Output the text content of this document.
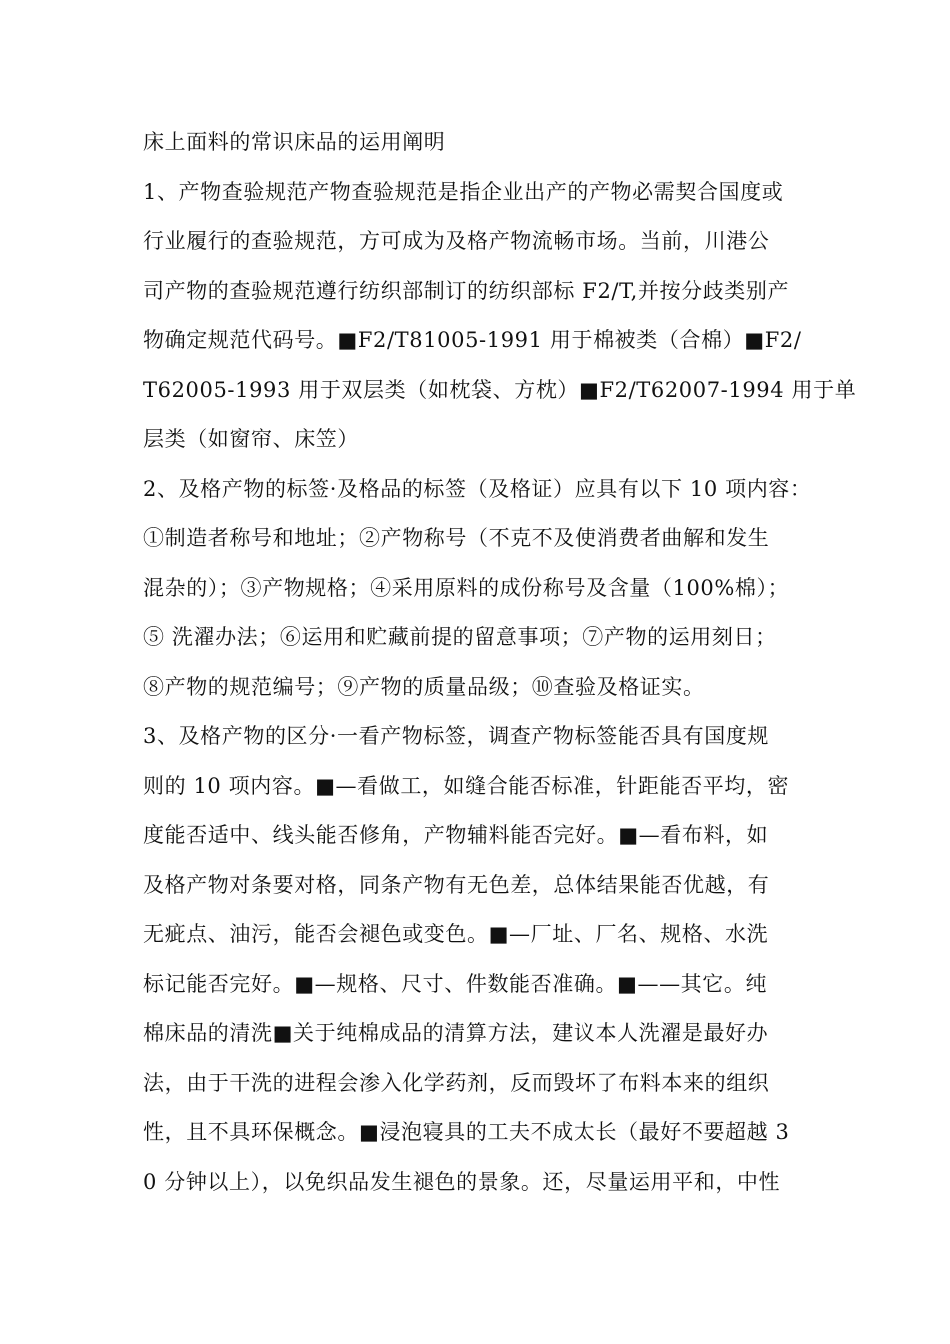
床上面料的常识床品的运用阐明
1、产物查验规范产物查验规范是指企业出产的产物必需契合国度或
行业履行的查验规范，方可成为及格产物流畅市场。当前，川港公
司产物的查验规范遵行纺织部制订的纺织部标 F2/T,并按分歧类别产
物确定规范代码号。■F2/T81005-1991 用于棉被类（合棉）■F2/
T62005-1993 用于双层类（如枕袋、方枕）■F2/T62007-1994 用于单
层类（如窗帘、床笠）
2、及格产物的标签·及格品的标签（及格证）应具有以下 10 项内容：
①制造者称号和地址；②产物称号（不克不及使消费者曲解和发生
混杂的）；③产物规格；④采用原料的成份称号及含量（100%棉）；
⑤ 洗濯办法；⑥运用和贮藏前提的留意事项；⑦产物的运用刻日；
⑧产物的规范编号；⑨产物的质量品级；⑩查验及格证实。
3、及格产物的区分·一看产物标签，调查产物标签能否具有国度规
则的 10 项内容。■—看做工，如缝合能否标准，针距能否平均，密
度能否适中、线头能否修角，产物辅料能否完好。■—看布料，如
及格产物对条要对格，同条产物有无色差，总体结果能否优越，有
无疵点、油污，能否会褪色或变色。■—厂址、厂名、规格、水洗
标记能否完好。■—规格、尺寸、件数能否准确。■——其它。纯
棉床品的清洗■关于纯棉成品的清算方法，建议本人洗濯是最好办
法，由于干洗的进程会渗入化学药剂，反而毁坏了布料本来的组织
性，且不具环保概念。■浸泡寝具的工夫不成太长（最好不要超越 3
0 分钟以上），以免织品发生褪色的景象。还，尽量运用平和，中性
